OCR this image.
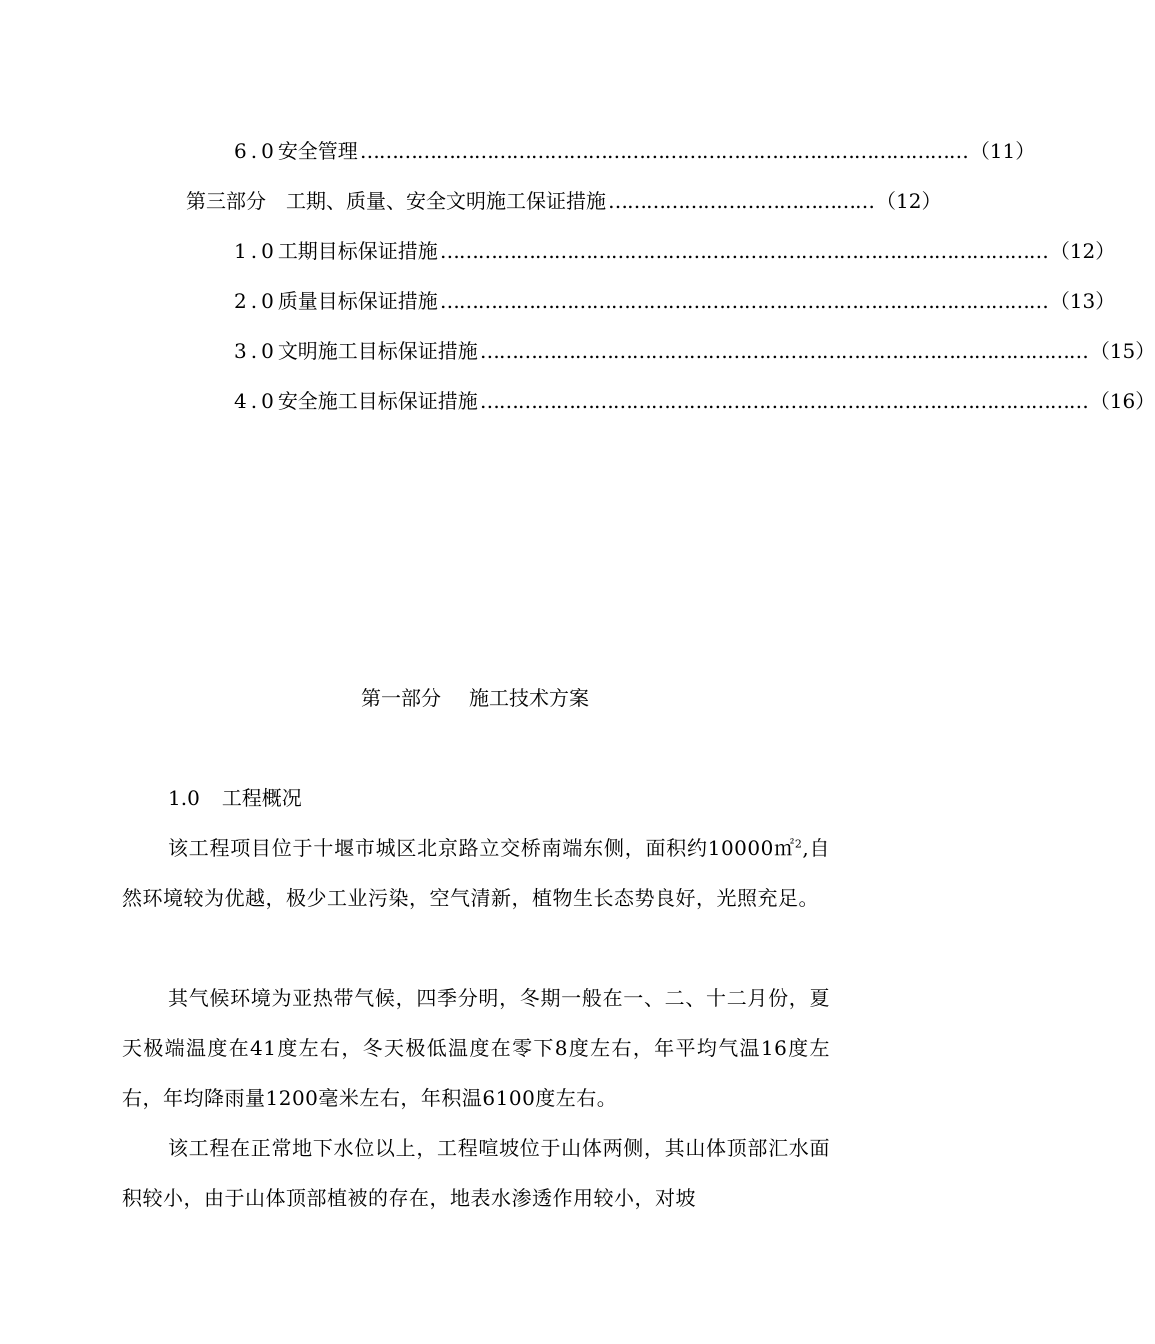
6.0 安全管理 …………………………………………………………………………………… （11）
第三部分　工期、质量、安全文明施工保证措施 …………………………………… （12）
1.0 工期目标保证措施 …………………………………………………………………………………… （12）
2.0 质量目标保证措施 …………………………………………………………………………………… （13）
3.0 文明施工目标保证措施 …………………………………………………………………………………… （15）
4.0 安全施工目标保证措施 …………………………………………………………………………………… （16）
第一部分 施工技术方案
1.0 工程概况

该工程项目位于十堰市城区北京路立交桥南端东侧，面积约10000㎡$^2$,自然环境较为优越，极少工业污染，空气清新，植物生长态势良好，光照充足。

其气候环境为亚热带气候，四季分明，冬期一般在一、二、十二月份，夏天极端温度在41度左右，冬天极低温度在零下8度左右，年平均气温16度左右，年均降雨量1200毫米左右，年积温6100度左右。

该工程在正常地下水位以上，工程喧坡位于山体两侧，其山体顶部汇水面积较小，由于山体顶部植被的存在，地表水渗透作用较小，对坡
